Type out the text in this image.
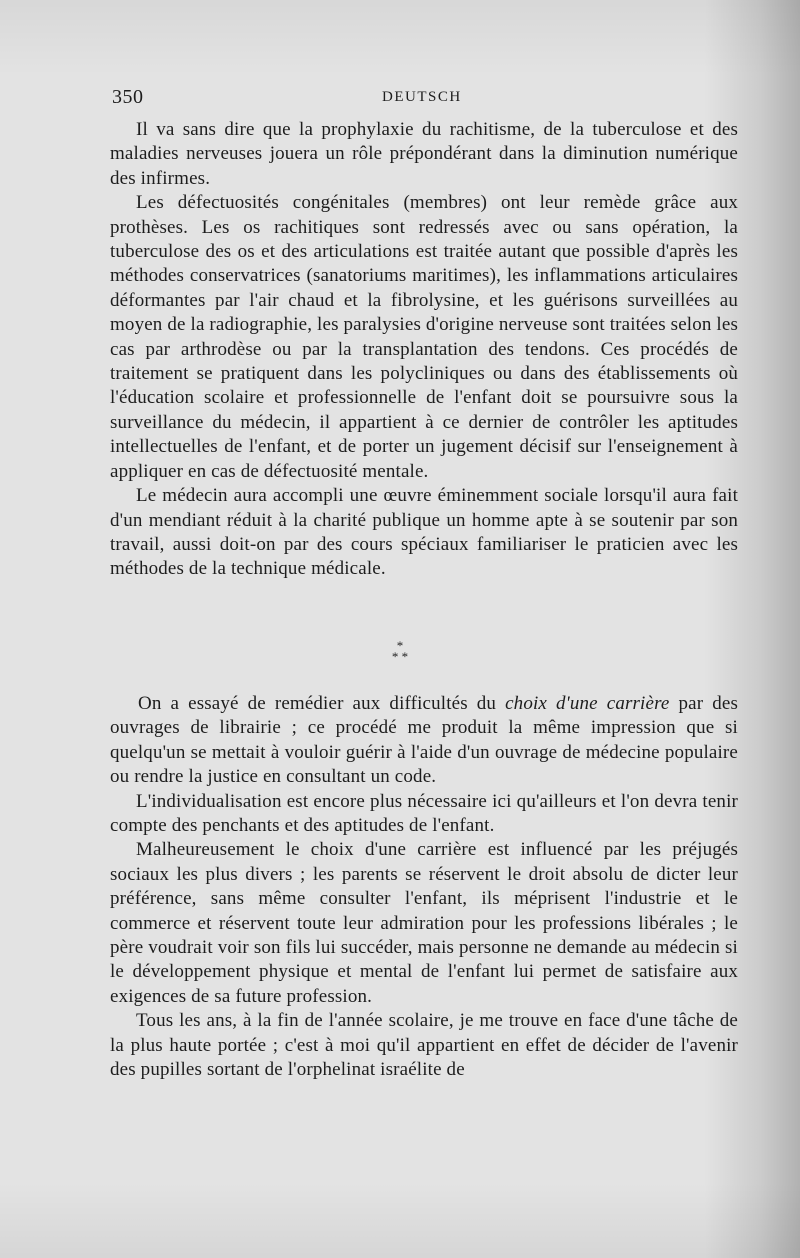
350	DEUTSCH

Il va sans dire que la prophylaxie du rachitisme, de la tuberculose et des maladies nerveuses jouera un rôle prépondérant dans la diminution numérique des infirmes.

Les défectuosités congénitales (membres) ont leur remède grâce aux prothèses. Les os rachitiques sont redressés avec ou sans opération, la tuberculose des os et des articulations est traitée autant que possible d'après les méthodes conservatrices (sanatoriums maritimes), les inflammations articulaires déformantes par l'air chaud et la fibrolysine, et les guérisons surveillées au moyen de la radiographie, les paralysies d'origine nerveuse sont traitées selon les cas par arthrodèse ou par la transplantation des tendons. Ces procédés de traitement se pratiquent dans les polycliniques ou dans des établissements où l'éducation scolaire et professionnelle de l'enfant doit se poursuivre sous la surveillance du médecin, il appartient à ce dernier de contrôler les aptitudes intellectuelles de l'enfant, et de porter un jugement décisif sur l'enseignement à appliquer en cas de défectuosité mentale.

Le médecin aura accompli une œuvre éminemment sociale lorsqu'il aura fait d'un mendiant réduit à la charité publique un homme apte à se soutenir par son travail, aussi doit-on par des cours spéciaux familiariser le praticien avec les méthodes de la technique médicale.

*
* *

On a essayé de remédier aux difficultés du choix d'une carrière par des ouvrages de librairie ; ce procédé me produit la même impression que si quelqu'un se mettait à vouloir guérir à l'aide d'un ouvrage de médecine populaire ou rendre la justice en consultant un code.

L'individualisation est encore plus nécessaire ici qu'ailleurs et l'on devra tenir compte des penchants et des aptitudes de l'enfant.

Malheureusement le choix d'une carrière est influencé par les préjugés sociaux les plus divers ; les parents se réservent le droit absolu de dicter leur préférence, sans même consulter l'enfant, ils méprisent l'industrie et le commerce et réservent toute leur admiration pour les professions libérales ; le père voudrait voir son fils lui succéder, mais personne ne demande au médecin si le développement physique et mental de l'enfant lui permet de satisfaire aux exigences de sa future profession.

Tous les ans, à la fin de l'année scolaire, je me trouve en face d'une tâche de la plus haute portée ; c'est à moi qu'il appartient en effet de décider de l'avenir des pupilles sortant de l'orphelinat israélite de
